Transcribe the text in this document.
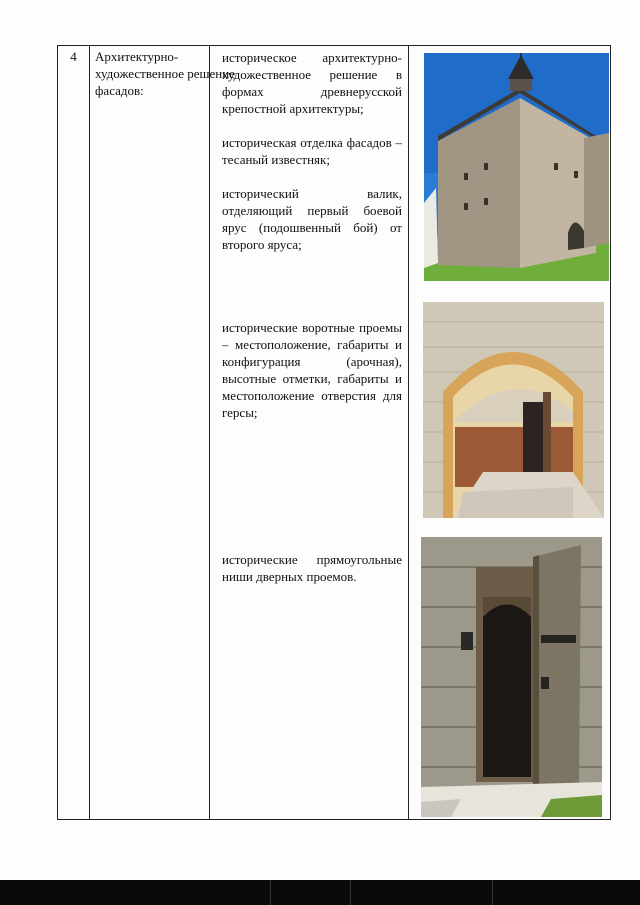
4	Архитектурно-художественное решение фасадов:
историческое архитектурно-художественное решение в формах древнерусской крепостной архитектуры;
историческая отделка фасадов – тесаный известняк;
исторический валик, отделяющий первый боевой ярус (подошвенный бой) от второго яруса;
исторические воротные проемы – местоположение, габариты и конфигурация (арочная), высотные отметки, габариты и местоположение отверстия для герсы;
исторические прямоугольные ниши дверных проемов.
